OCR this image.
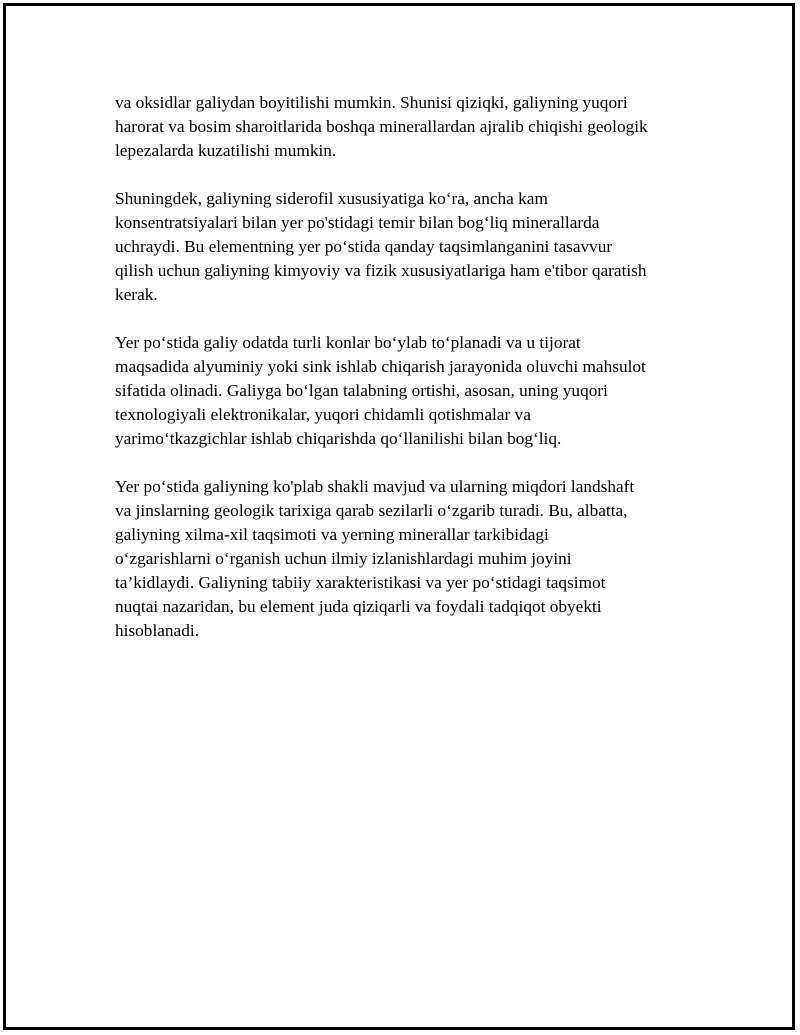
va oksidlar galiydan boyitilishi mumkin. Shunisi qiziqki, galiyning yuqori
harorat va bosim sharoitlarida boshqa minerallardan ajralib chiqishi geologik
lepezalarda kuzatilishi mumkin.

Shuningdek, galiyning siderofil xususiyatiga ko‘ra, ancha kam
konsentratsiyalari bilan yer po'stidagi temir bilan bog‘liq minerallarda
uchraydi. Bu elementning yer po‘stida qanday taqsimlanganini tasavvur
qilish uchun galiyning kimyoviy va fizik xususiyatlariga ham e'tibor qaratish
kerak.

Yer po‘stida galiy odatda turli konlar bo‘ylab to‘planadi va u tijorat
maqsadida alyuminiy yoki sink ishlab chiqarish jarayonida oluvchi mahsulot
sifatida olinadi. Galiyga bo‘lgan talabning ortishi, asosan, uning yuqori
texnologiyali elektronikalar, yuqori chidamli qotishmalar va
yarimo‘tkazgichlar ishlab chiqarishda qo‘llanilishi bilan bog‘liq.

Yer po‘stida galiyning ko'plab shakli mavjud va ularning miqdori landshaft
va jinslarning geologik tarixiga qarab sezilarli o‘zgarib turadi. Bu, albatta,
galiyning xilma-xil taqsimoti va yerning minerallar tarkibidagi
o‘zgarishlarni o‘rganish uchun ilmiy izlanishlardagi muhim joyini
ta’kidlaydi. Galiyning tabiiy xarakteristikasi va yer po‘stidagi taqsimot
nuqtai nazaridan, bu element juda qiziqarli va foydali tadqiqot obyekti
hisoblanadi.
